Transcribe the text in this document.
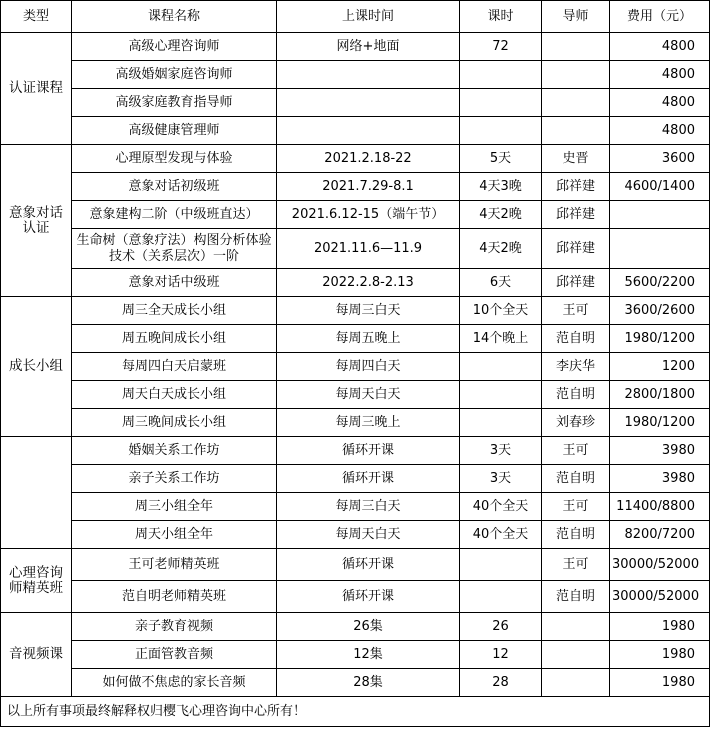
类型	课程名称	上课时间	课时	导师	费用（元）
认证课程	高级心理咨询师	网络+地面	72		4800
	高级婚姻家庭咨询师				4800
	高级家庭教育指导师				4800
	高级健康管理师				4800
意象对话认证	心理原型发现与体验	2021.2.18-22	5天	史晋	3600
	意象对话初级班	2021.7.29-8.1	4天3晚	邱祥建	4600/1400
	意象建构二阶（中级班直达）	2021.6.12-15（端午节）	4天2晚	邱祥建	
	生命树（意象疗法）构图分析体验技术（关系层次）一阶	2021.11.6—11.9	4天2晚	邱祥建	
	意象对话中级班	2022.2.8-2.13	6天	邱祥建	5600/2200
成长小组	周三全天成长小组	每周三白天	10个全天	王可	3600/2600
	周五晚间成长小组	每周五晚上	14个晚上	范自明	1980/1200
	每周四白天启蒙班	每周四白天		李庆华	1200
	周天白天成长小组	每周天白天		范自明	2800/1800
	周三晚间成长小组	每周三晚上		刘春珍	1980/1200
	婚姻关系工作坊	循环开课	3天	王可	3980
	亲子关系工作坊	循环开课	3天	范自明	3980
	周三小组全年	每周三白天	40个全天	王可	11400/8800
	周天小组全年	每周天白天	40个全天	范自明	8200/7200
心理咨询师精英班	王可老师精英班	循环开课		王可	30000/52000
	范自明老师精英班	循环开课		范自明	30000/52000
音视频课	亲子教育视频	26集	26		1980
	正面管教音频	12集	12		1980
	如何做不焦虑的家长音频	28集	28		1980
以上所有事项最终解释权归樱飞心理咨询中心所有！					
